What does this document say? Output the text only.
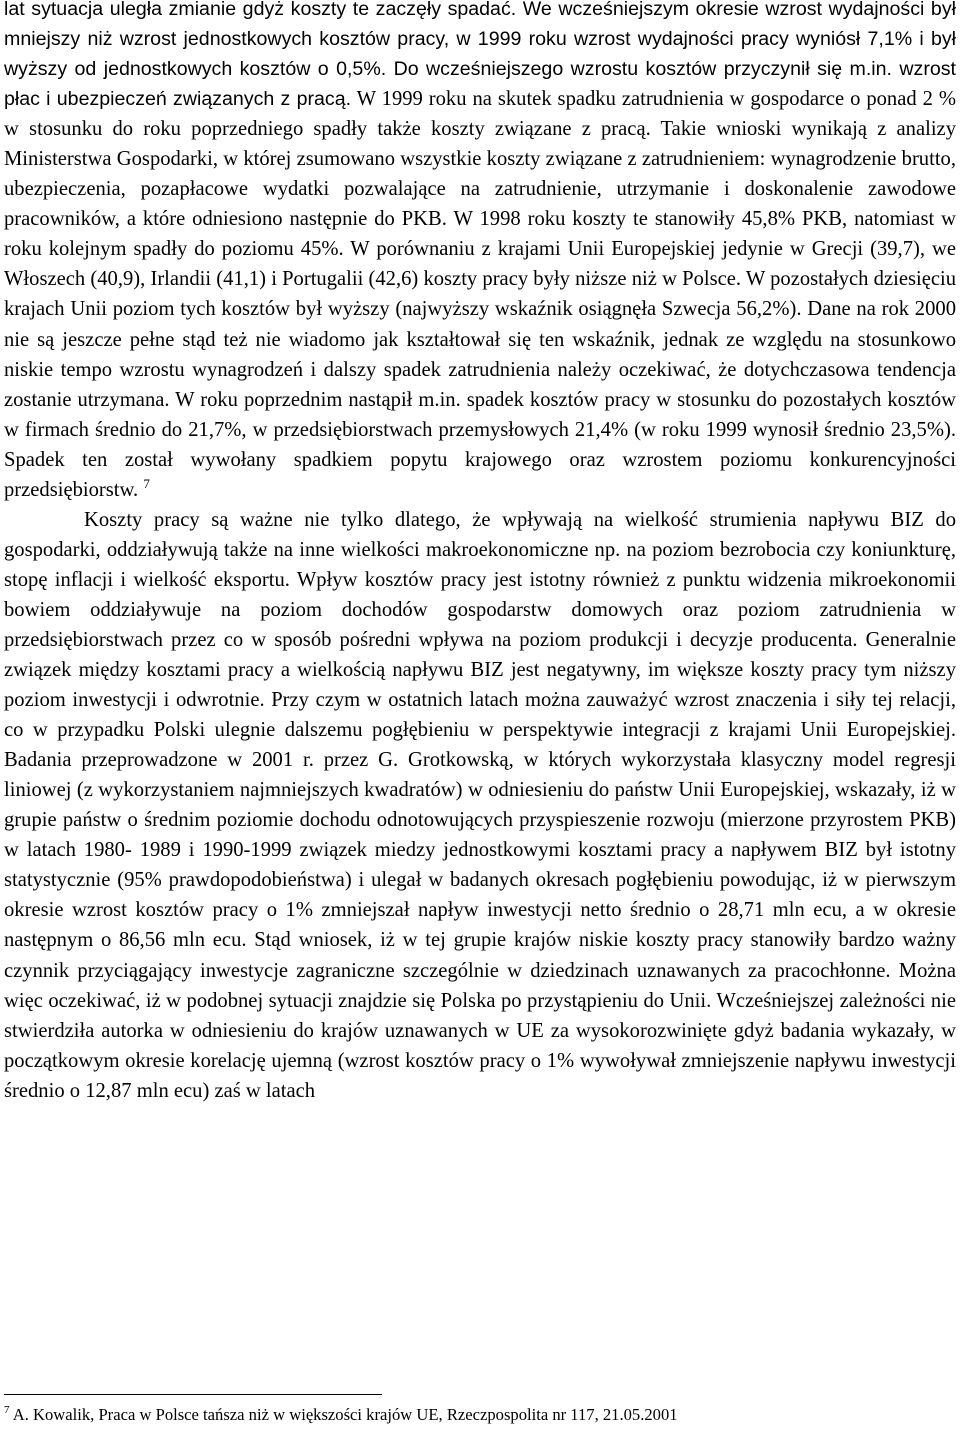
lat sytuacja uległa zmianie gdyż koszty te zaczęły spadać. We wcześniejszym okresie wzrost wydajności był mniejszy niż wzrost jednostkowych kosztów pracy, w 1999 roku wzrost wydajności pracy wyniósł 7,1% i był wyższy od jednostkowych kosztów o 0,5%. Do wcześniejszego wzrostu kosztów przyczynił się m.in. wzrost płac i ubezpieczeń związanych z pracą. W 1999 roku na skutek spadku zatrudnienia w gospodarce o ponad 2 % w stosunku do roku poprzedniego spadły także koszty związane z pracą. Takie wnioski wynikają z analizy Ministerstwa Gospodarki, w której zsumowano wszystkie koszty związane z zatrudnieniem: wynagrodzenie brutto, ubezpieczenia, pozapłacowe wydatki pozwalające na zatrudnienie, utrzymanie i doskonalenie zawodowe pracowników, a które odniesiono następnie do PKB. W 1998 roku koszty te stanowiły 45,8% PKB, natomiast w roku kolejnym spadły do poziomu 45%. W porównaniu z krajami Unii Europejskiej jedynie w Grecji (39,7), we Włoszech (40,9), Irlandii (41,1) i Portugalii (42,6) koszty pracy były niższe niż w Polsce. W pozostałych dziesięciu krajach Unii poziom tych kosztów był wyższy (najwyższy wskaźnik osiągnęła Szwecja 56,2%). Dane na rok 2000 nie są jeszcze pełne stąd też nie wiadomo jak kształtował się ten wskaźnik, jednak ze względu na stosunkowo niskie tempo wzrostu wynagrodzeń i dalszy spadek zatrudnienia należy oczekiwać, że dotychczasowa tendencja zostanie utrzymana. W roku poprzednim nastąpił m.in. spadek kosztów pracy w stosunku do pozostałych kosztów w firmach średnio do 21,7%, w przedsiębiorstwach przemysłowych 21,4% (w roku 1999 wynosił średnio 23,5%). Spadek ten został wywołany spadkiem popytu krajowego oraz wzrostem poziomu konkurencyjności przedsiębiorstw. $^7$

Koszty pracy są ważne nie tylko dlatego, że wpływają na wielkość strumienia napływu BIZ do gospodarki, oddziaływują także na inne wielkości makroekonomiczne np. na poziom bezrobocia czy koniunkturę, stopę inflacji i wielkość eksportu. Wpływ kosztów pracy jest istotny również z punktu widzenia mikroekonomii bowiem oddziaływuje na poziom dochodów gospodarstw domowych oraz poziom zatrudnienia w przedsiębiorstwach przez co w sposób pośredni wpływa na poziom produkcji i decyzje producenta. Generalnie związek między kosztami pracy a wielkością napływu BIZ jest negatywny, im większe koszty pracy tym niższy poziom inwestycji i odwrotnie. Przy czym w ostatnich latach można zauważyć wzrost znaczenia i siły tej relacji, co w przypadku Polski ulegnie dalszemu pogłębieniu w perspektywie integracji z krajami Unii Europejskiej. Badania przeprowadzone w 2001 r. przez G. Grotkowską, w których wykorzystała klasyczny model regresji liniowej (z wykorzystaniem najmniejszych kwadratów) w odniesieniu do państw Unii Europejskiej, wskazały, iż w grupie państw o średnim poziomie dochodu odnotowujących przyspieszenie rozwoju (mierzone przyrostem PKB) w latach 1980- 1989 i 1990-1999 związek miedzy jednostkowymi kosztami pracy a napływem BIZ był istotny statystycznie (95% prawdopodobieństwa) i ulegał w badanych okresach pogłębieniu powodując, iż w pierwszym okresie wzrost kosztów pracy o 1% zmniejszał napływ inwestycji netto średnio o 28,71 mln ecu, a w okresie następnym o 86,56 mln ecu. Stąd wniosek, iż w tej grupie krajów niskie koszty pracy stanowiły bardzo ważny czynnik przyciągający inwestycje zagraniczne szczególnie w dziedzinach uznawanych za pracochłonne. Można więc oczekiwać, iż w podobnej sytuacji znajdzie się Polska po przystąpieniu do Unii. Wcześniejszej zależności nie stwierdziła autorka w odniesieniu do krajów uznawanych w UE za wysokorozwinięte gdyż badania wykazały, w początkowym okresie korelację ujemną (wzrost kosztów pracy o 1% wywoływał zmniejszenie napływu inwestycji średnio o 12,87 mln ecu) zaś w latach

$^7$ A. Kowalik, Praca w Polsce tańsza niż w większości krajów UE, Rzeczpospolita nr 117, 21.05.2001
